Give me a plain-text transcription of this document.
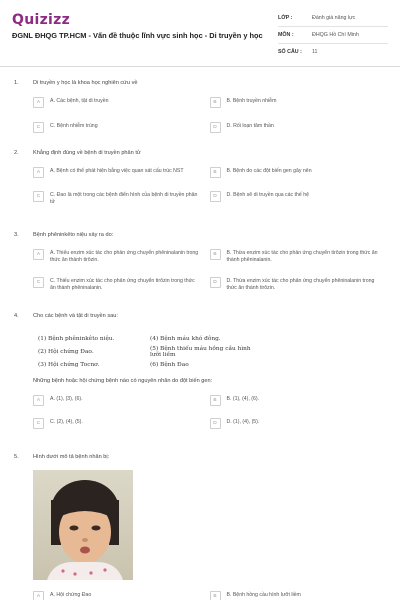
Quizizz
ĐGNL ĐHQG TP.HCM - Vấn đề thuộc lĩnh vực sinh học - Di truyền y học
LỚP :	Đánh giá năng lực
MÔN :	ĐHQG Hồ Chí Minh
SỐ CÂU :	11
1.	Di truyền y học là khoa học nghiên cứu về
A	A. Các bệnh, tật di truyền	B	B. Bệnh truyền nhiễm
C	C. Bệnh nhiễm trùng	D	D. Rối loạn tâm thần
2.	Khẳng định đúng về bệnh di truyền phân tử
A	A. Bệnh có thể phát hiện bằng việc quan sát cấu trúc NST	B	B. Bệnh do các đột biến gen gây nên
C	C. Đao là một trong các bệnh điển hình của bệnh di truyền phân tử
D	D. Bệnh sẽ di truyền qua các thế hệ
3.	Bệnh phêninkêto niệu xảy ra do:
A	A. Thiếu enzim xúc tác cho phản ứng chuyển phêninalanin trong thức ăn thành tirôzin.
B	B. Thừa enzim xúc tác cho phản ứng chuyển tirôzin trong thức ăn thành phêninalanin.
C	C. Thiếu enzim xúc tác cho phản ứng chuyển tirôzin trong thức ăn thành phêninalanin.
D	D. Thừa enzim xúc tác cho phản ứng chuyển phêninalanin trong thức ăn thành tirôzin.
4.	Cho các bệnh và tật di truyền sau:
(1) Bệnh phêninkêto niệu.	(4) Bệnh máu khó đông.
(2) Hội chứng Đao.	(5) Bệnh thiếu máu hồng cầu hình lưỡi liềm
(3) Hội chứng Tocnơ.	(6) Bệnh Đao
Những bệnh hoặc hội chứng bệnh nào có nguyên nhân do đột biến gen:
A	A. (1), (3), (6).	B	B. (1), (4), (6).
C	C. (2), (4), (5).	D	D. (1), (4), (5).
5.	Hình dưới mô tả bệnh nhân bị:
A	A. Hội chứng Đao	B	B. Bệnh hồng cầu hình lưỡi liềm
